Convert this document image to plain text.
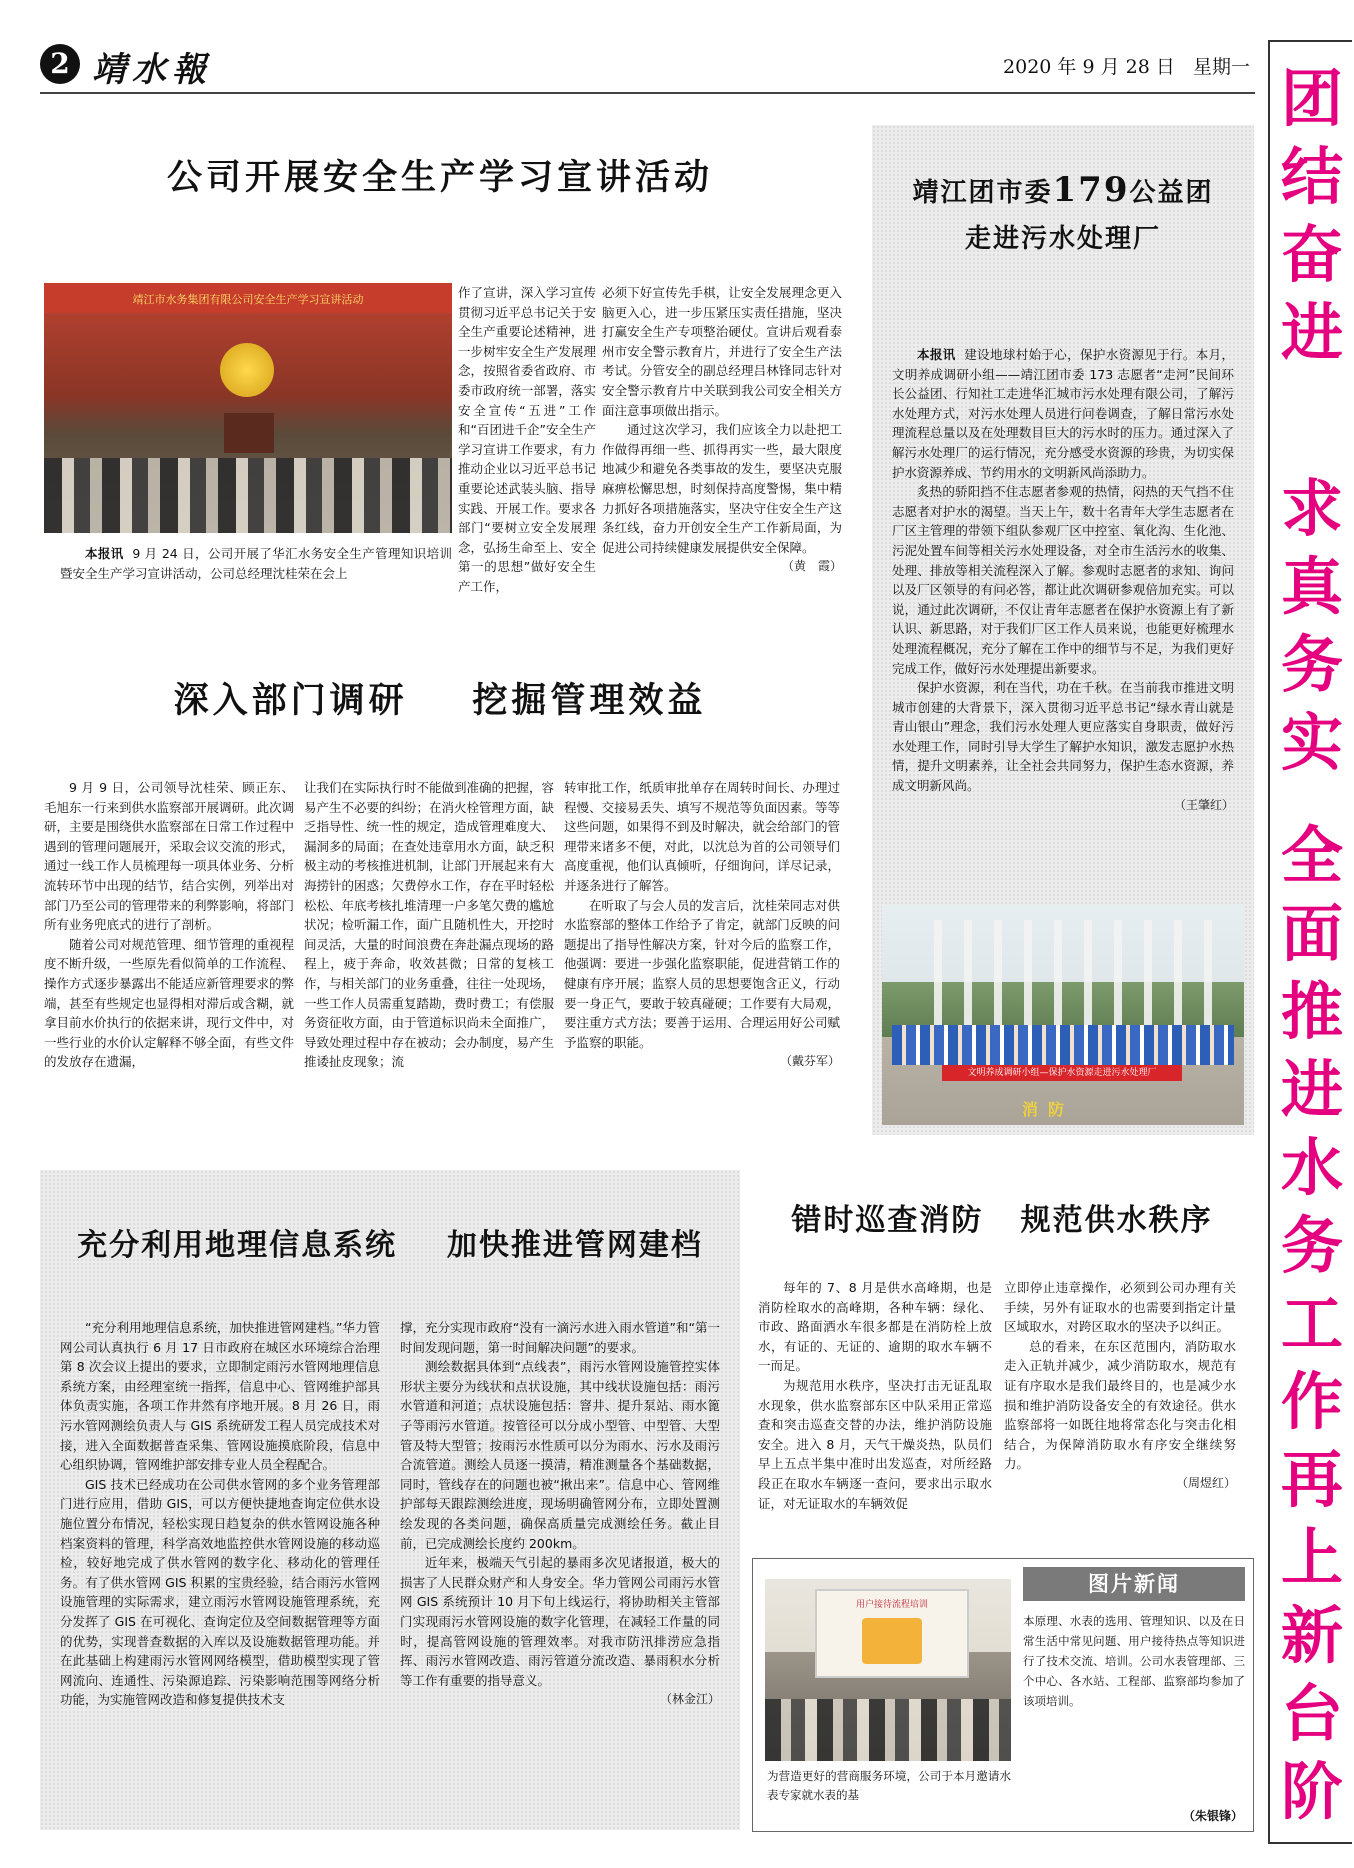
2 靖水報	2020 年 9 月 28 日 星期一 团
结
奋
进
求
真
务
实
全
面
推
进
水
务
工
作
再
上
新
台
阶
公司开展安全生产学习宣讲活动
靖江市水务集团有限公司安全生产学习宣讲活动

本报讯 9 月 24 日，公司开展了华汇水务安全生产管理知识培训暨安全生产学习宣讲活动，公司总经理沈桂荣在会上

作了宣讲，深入学习宣传贯彻习近平总书记关于安全生产重要论述精神，进一步树牢安全生产发展理念，按照省委省政府、市委市政府统一部署，落实安全宣传“五进”工作和“百团进千企”安全生产学习宣讲工作要求，有力推动企业以习近平总书记重要论述武装头脑、指导实践、开展工作。要求各部门“要树立安全发展理念，弘扬生命至上、安全第一的思想”做好安全生产工作，

必须下好宣传先手棋，让安全发展理念更入脑更入心，进一步压紧压实责任措施，坚决打赢安全生产专项整治硬仗。宣讲后观看泰州市安全警示教育片，并进行了安全生产法考试。分管安全的副总经理吕林锋同志针对安全警示教育片中关联到我公司安全相关方面注意事项做出指示。

通过这次学习，我们应该全力以赴把工作做得再细一些、抓得再实一些，最大限度地减少和避免各类事故的发生，要坚决克服麻痹松懈思想，时刻保持高度警惕，集中精力抓好各项措施落实，坚决守住安全生产这条红线，奋力开创安全生产工作新局面，为促进公司持续健康发展提供安全保障。

（黄　霞）
深入部门调研 挖掘管理效益

9 月 9 日，公司领导沈桂荣、顾正东、毛旭东一行来到供水监察部开展调研。此次调研，主要是围绕供水监察部在日常工作过程中遇到的管理问题展开，采取会议交流的形式，通过一线工作人员梳理每一项具体业务、分析流转环节中出现的结节，结合实例，列举出对部门乃至公司的管理带来的利弊影响，将部门所有业务兜底式的进行了剖析。

随着公司对规范管理、细节管理的重视程度不断升级，一些原先看似简单的工作流程、操作方式逐步暴露出不能适应新管理要求的弊端，甚至有些规定也显得相对滞后或含糊，就拿目前水价执行的依据来讲，现行文件中，对一些行业的水价认定解释不够全面，有些文件的发放存在遗漏，

让我们在实际执行时不能做到准确的把握，容易产生不必要的纠纷；在消火栓管理方面，缺乏指导性、统一性的规定，造成管理难度大、漏洞多的局面；在查处违章用水方面，缺乏积极主动的考核推进机制，让部门开展起来有大海捞针的困惑；欠费停水工作，存在平时轻松松松、年底考核扎堆清理一户多笔欠费的尴尬状况；检听漏工作，面广且随机性大，开挖时间灵活，大量的时间浪费在奔赴漏点现场的路程上，疲于奔命，收效甚微；日常的复核工作，与相关部门的业务重叠，往往一处现场，一些工作人员需重复踏勘，费时费工；有偿服务资征收方面，由于管道标识尚未全面推广，导致处理过程中存在被动；会办制度，易产生推诿扯皮现象；流

转审批工作，纸质审批单存在周转时间长、办理过程慢、交接易丢失、填写不规范等负面因素。等等这些问题，如果得不到及时解决，就会给部门的管理带来诸多不便，对此，以沈总为首的公司领导们高度重视，他们认真倾听，仔细询问，详尽记录，并逐条进行了解答。

在听取了与会人员的发言后，沈桂荣同志对供水监察部的整体工作给予了肯定，就部门反映的问题提出了指导性解决方案，针对今后的监察工作，他强调：要进一步强化监察职能，促进营销工作的健康有序开展；监察人员的思想要饱含正义，行动要一身正气，要敢于较真碰硬；工作要有大局观，要注重方式方法；要善于运用、合理运用好公司赋予监察的职能。

（戴芬军）
靖江团市委179公益团
走进污水处理厂

本报讯 建设地球村始于心，保护水资源见于行。本月，文明养成调研小组——靖江团市委 173 志愿者“走河”民间环长公益团、行知社工走进华汇城市污水处理有限公司，了解污水处理方式，对污水处理人员进行问卷调查，了解日常污水处理流程总量以及在处理数目巨大的污水时的压力。通过深入了解污水处理厂的运行情况，充分感受水资源的珍贵，为切实保护水资源养成、节约用水的文明新风尚添助力。

炙热的骄阳挡不住志愿者参观的热情，闷热的天气挡不住志愿者对护水的渴望。当天上午，数十名青年大学生志愿者在厂区主管理的带领下组队参观厂区中控室、氧化沟、生化池、污泥处置车间等相关污水处理设备，对全市生活污水的收集、处理、排放等相关流程深入了解。参观时志愿者的求知、询问以及厂区领导的有问必答，都让此次调研参观倍加充实。可以说，通过此次调研，不仅让青年志愿者在保护水资源上有了新认识、新思路，对于我们厂区工作人员来说，也能更好梳理水处理流程概况，充分了解在工作中的细节与不足，为我们更好完成工作，做好污水处理提出新要求。

保护水资源，利在当代，功在千秋。在当前我市推进文明城市创建的大背景下，深入贯彻习近平总书记“绿水青山就是青山银山”理念，我们污水处理人更应落实自身职责，做好污水处理工作，同时引导大学生了解护水知识，激发志愿护水热情，提升文明素养，让全社会共同努力，保护生态水资源，养成文明新风尚。

（王肇红）
文明养成调研小组—保护水资源走进污水处理厂
消防
充分利用地理信息系统 加快推进管网建档

“充分利用地理信息系统，加快推进管网建档。”华力管网公司认真执行 6 月 17 日市政府在城区水环境综合治理第 8 次会议上提出的要求，立即制定雨污水管网地理信息系统方案，由经理室统一指挥，信息中心、管网维护部具体负责实施，各项工作井然有序地开展。8 月 26 日，雨污水管网测绘负责人与 GIS 系统研发工程人员完成技术对接，进入全面数据普查采集、管网设施摸底阶段，信息中心组织协调，管网维护部安排专业人员全程配合。

GIS 技术已经成功在公司供水管网的多个业务管理部门进行应用，借助 GIS，可以方便快捷地查询定位供水设施位置分布情况，轻松实现日趋复杂的供水管网设施各种档案资料的管理，科学高效地监控供水管网设施的移动巡检，较好地完成了供水管网的数字化、移动化的管理任务。有了供水管网 GIS 积累的宝贵经验，结合雨污水管网设施管理的实际需求，建立雨污水管网设施管理系统，充分发挥了 GIS 在可视化、查询定位及空间数据管理等方面的优势，实现普查数据的入库以及设施数据管理功能。并在此基础上构建雨污水管网网络模型，借助模型实现了管网流向、连通性、污染源追踪、污染影响范围等网络分析功能，为实施管网改造和修复提供技术支

撑，充分实现市政府“没有一滴污水进入雨水管道”和“第一时间发现问题，第一时间解决问题”的要求。

测绘数据具体到“点线表”，雨污水管网设施管控实体形状主要分为线状和点状设施，其中线状设施包括：雨污水管道和河道；点状设施包括：窨井、提升泵站、雨水篦子等雨污水管道。按管径可以分成小型管、中型管、大型管及特大型管；按雨污水性质可以分为雨水、污水及雨污合流管道。测绘人员逐一摸清，精准测量各个基础数据，同时，管线存在的问题也被“揪出来”。信息中心、管网维护部每天跟踪测绘进度，现场明确管网分布，立即处置测绘发现的各类问题，确保高质量完成测绘任务。截止目前，已完成测绘长度约 200km。

近年来，极端天气引起的暴雨多次见诸报道，极大的损害了人民群众财产和人身安全。华力管网公司雨污水管网 GIS 系统预计 10 月下旬上线运行，将协助相关主管部门实现雨污水管网设施的数字化管理，在减轻工作量的同时，提高管网设施的管理效率。对我市防汛排涝应急指挥、雨污水管网改造、雨污管道分流改造、暴雨积水分析等工作有重要的指导意义。

（林金江）
错时巡查消防 规范供水秩序

每年的 7、8 月是供水高峰期，也是消防栓取水的高峰期，各种车辆：绿化、市政、路面洒水车很多都是在消防栓上放水，有证的、无证的、逾期的取水车辆不一而足。

为规范用水秩序，坚决打击无证乱取水现象，供水监察部东区中队采用正常巡查和突击巡查交替的办法，维护消防设施安全。进入 8 月，天气干燥炎热，队员们早上五点半集中准时出发巡查，对所经路段正在取水车辆逐一查问，要求出示取水证，对无证取水的车辆效促

立即停止违章操作，必须到公司办理有关手续，另外有证取水的也需要到指定计量区域取水，对跨区取水的坚决予以纠正。

总的看来，在东区范围内，消防取水走入正轨并减少，减少消防取水，规范有证有序取水是我们最终目的，也是减少水损和维护消防设备安全的有效途径。供水监察部将一如既往地将常态化与突击化相结合，为保障消防取水有序安全继续努力。

（周煜红）
图片新闻
用户接待流程培训
为营造更好的营商服务环境，公司于本月邀请水表专家就水表的基
本原理、水表的选用、管理知识、以及在日常生活中常见问题、用户接待热点等知识进行了技术交流、培训。公司水表管理部、三个中心、各水站、工程部、监察部均参加了该项培训。
（朱银锋）
